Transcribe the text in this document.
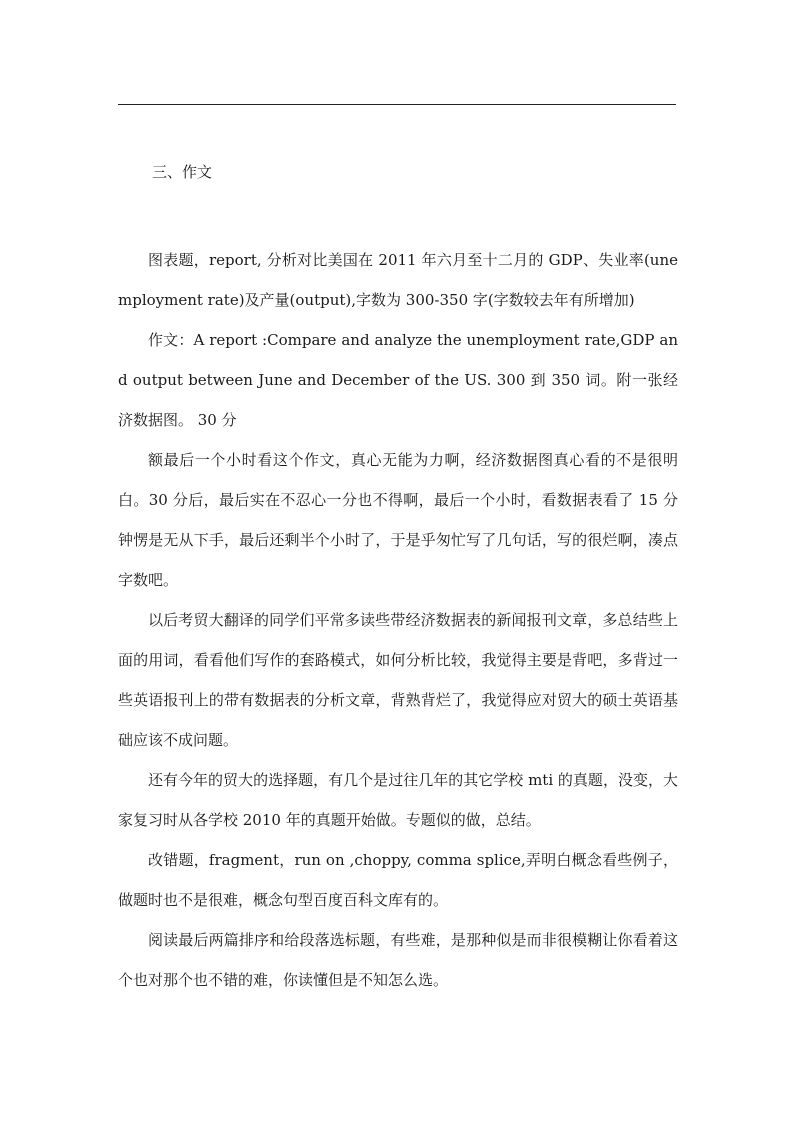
三、作文

图表题，report, 分析对比美国在 2011 年六月至十二月的 GDP、失业率(unemployment rate)及产量(output),字数为 300-350 字(字数较去年有所增加)

作文：A report :Compare and analyze the unemployment rate,GDP and output between June and December of the US. 300 到 350 词。附一张经济数据图。 30 分

额最后一个小时看这个作文，真心无能为力啊，经济数据图真心看的不是很明白。30 分后，最后实在不忍心一分也不得啊，最后一个小时，看数据表看了 15 分钟愣是无从下手，最后还剩半个小时了，于是乎匆忙写了几句话，写的很烂啊，凑点字数吧。

以后考贸大翻译的同学们平常多读些带经济数据表的新闻报刊文章，多总结些上面的用词，看看他们写作的套路模式，如何分析比较，我觉得主要是背吧，多背过一些英语报刊上的带有数据表的分析文章，背熟背烂了，我觉得应对贸大的硕士英语基础应该不成问题。

还有今年的贸大的选择题，有几个是过往几年的其它学校 mti 的真题，没变，大家复习时从各学校 2010 年的真题开始做。专题似的做，总结。

改错题，fragment，run on ,choppy, comma splice,弄明白概念看些例子，做题时也不是很难，概念句型百度百科文库有的。

阅读最后两篇排序和给段落选标题，有些难，是那种似是而非很模糊让你看着这个也对那个也不错的难，你读懂但是不知怎么选。
